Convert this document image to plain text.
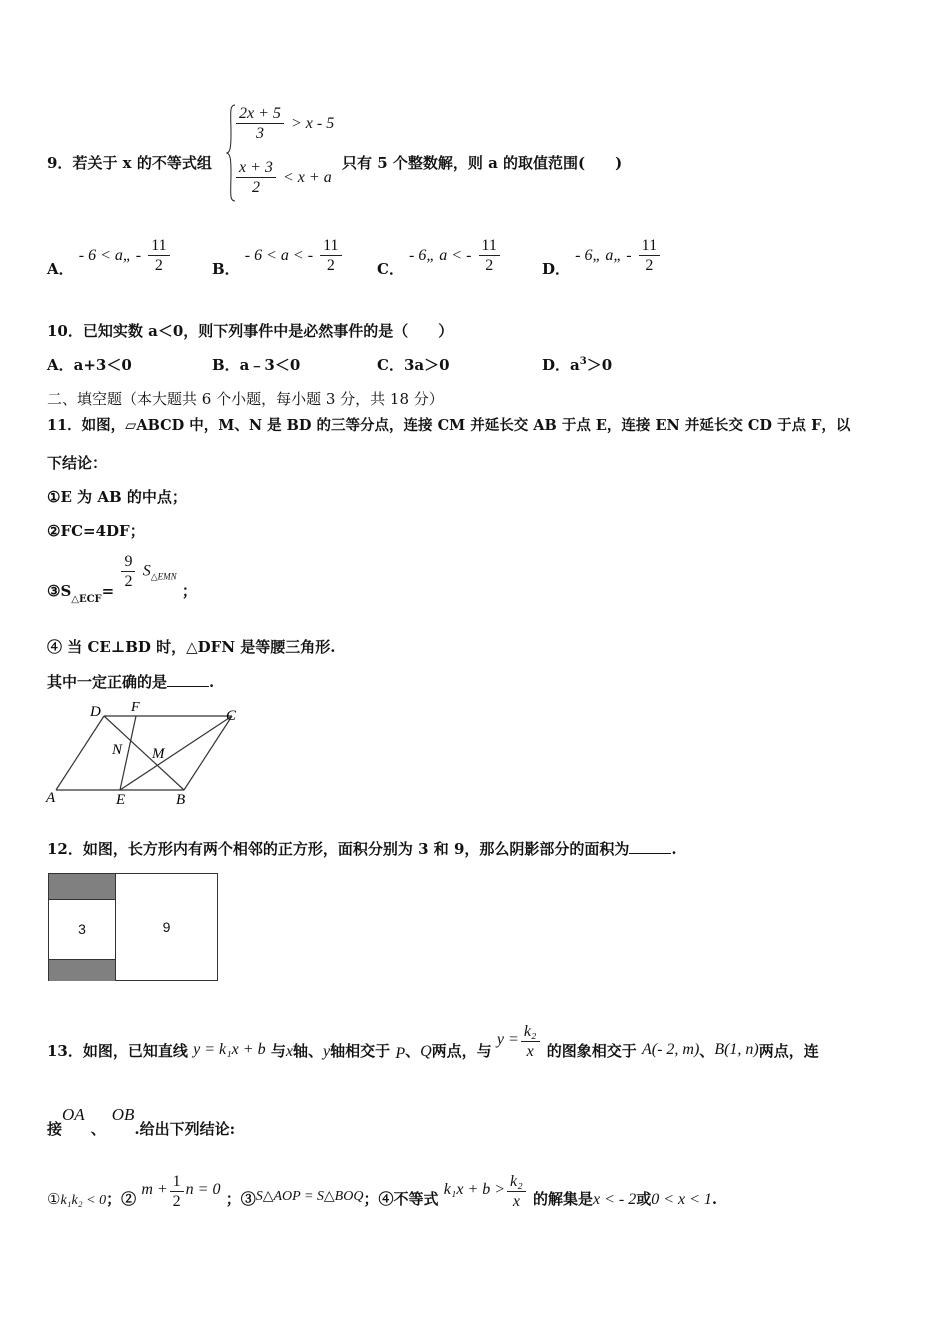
9．若关于 x 的不等式组
$\frac{2x + 5}{3} > x - 5$
$\frac{x + 3}{2} < x + a$
只有 5 个整数解，则 a 的取值范围(　　)
A． - 6 < a„ - $\frac{11}{2}$	B． - 6 < a < - $\frac{11}{2}$ C． - 6„ a < - $\frac{11}{2}$	D． - 6„ a„ - $\frac{11}{2}$
10．已知实数 a＜0，则下列事件中是必然事件的是（　　）
A．a+3＜0	B．a﹣3＜0	C．3a＞0	D．$a^3>0$
二、填空题（本大题共 6 个小题，每小题 3 分，共 18 分）
11．如图，▱ABCD 中，M、N 是 BD 的三等分点，连接 CM 并延长交 AB 于点 E，连接 EN 并延长交 CD 于点 F，以
下结论：
①E 为 AB 的中点；
②FC=4DF；
$③S_{\triangle ECF}= \frac{9}{2} S_{\triangle EMN}$ ；
④ 当 CE⊥BD 时，△DFN 是等腰三角形.
其中一定正确的是	.
D F
C
N M
A	E	B
12．如图，长方形内有两个相邻的正方形，面积分别为 3 和 9，那么阴影部分的面积为	.
3	9
13．如图，已知直线 y = k₁x + b 与x轴、y轴相交于 P、Q两点，与 $y = \frac{\text{k₂}}{x}$ 的图象相交于 A(- 2, m)、B(1, n)两点，连
接OA、OB.给出下列结论:
①k₁k₂ < 0；② $m + \frac{1}{2}$ n = 0 ；③S△AOP = S△BOQ；④不等式 $k_1x + b > \frac{\text{k₂}}{x}$ 的解集是x < - 2或0 < x < 1.
